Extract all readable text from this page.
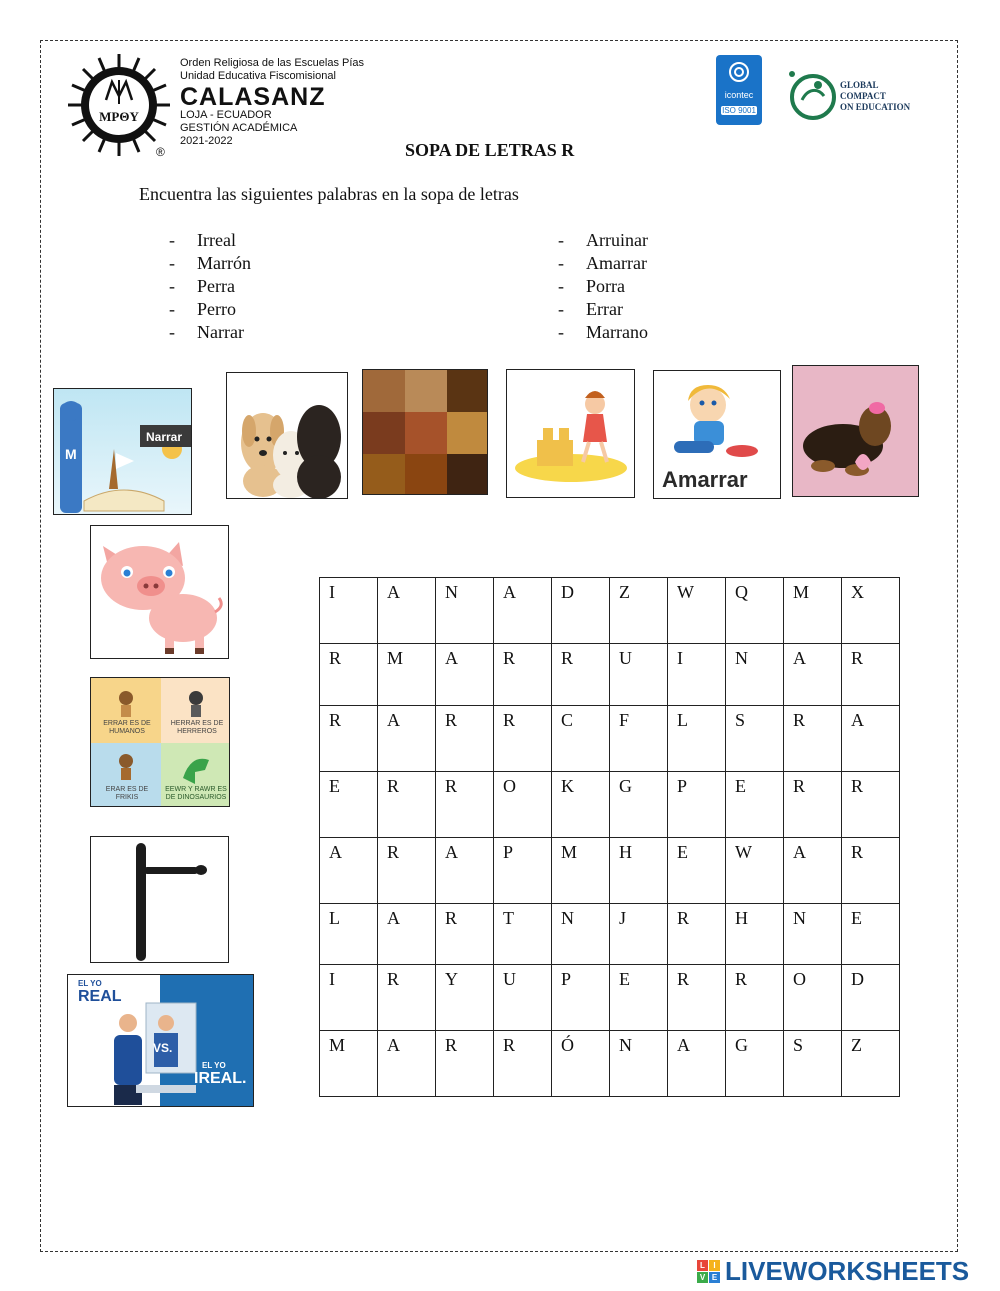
MPΘY
®
Orden Religiosa de las Escuelas Pías
Unidad Educativa Fiscomisional
CALASANZ
LOJA - ECUADOR
GESTIÓN ACADÉMICA
2021-2022
icontec
ISO 9001
GLOBAL
COMPACT
ON EDUCATION
SOPA DE LETRAS R
Encuentra las siguientes palabras en la sopa de letras
-	Irreal
-	Marrón
-	Perra
-	Perro
-	Narrar
-	Arruinar
-	Amarrar
-	Porra
-	Errar
-	Marrano
M
Narrar
Amarrar
ERRAR ES DE HUMANOS
HERRAR ES DE HERREROS
ERAR ES DE FRIKIS
EEWR Y RAWR ES DE DINOSAURIOS
EL YO
REAL
VS.
EL YO
IREAL.
I	A	N	A	D	Z	W	Q	M	X
R	M	A	R	R	U	I	N	A	R
R	A	R	R	C	F	L	S	R	A
E	R	R	O	K	G	P	E	R	R
A	R	A	P	M	H	E	W	A	R
L	A	R	T	N	J	R	H	N	E
I	R	Y	U	P	E	R	R	O	D
M	A	R	R	Ó	N	A	G	S	Z
L	I
V E LIVEWORKSHEETS
